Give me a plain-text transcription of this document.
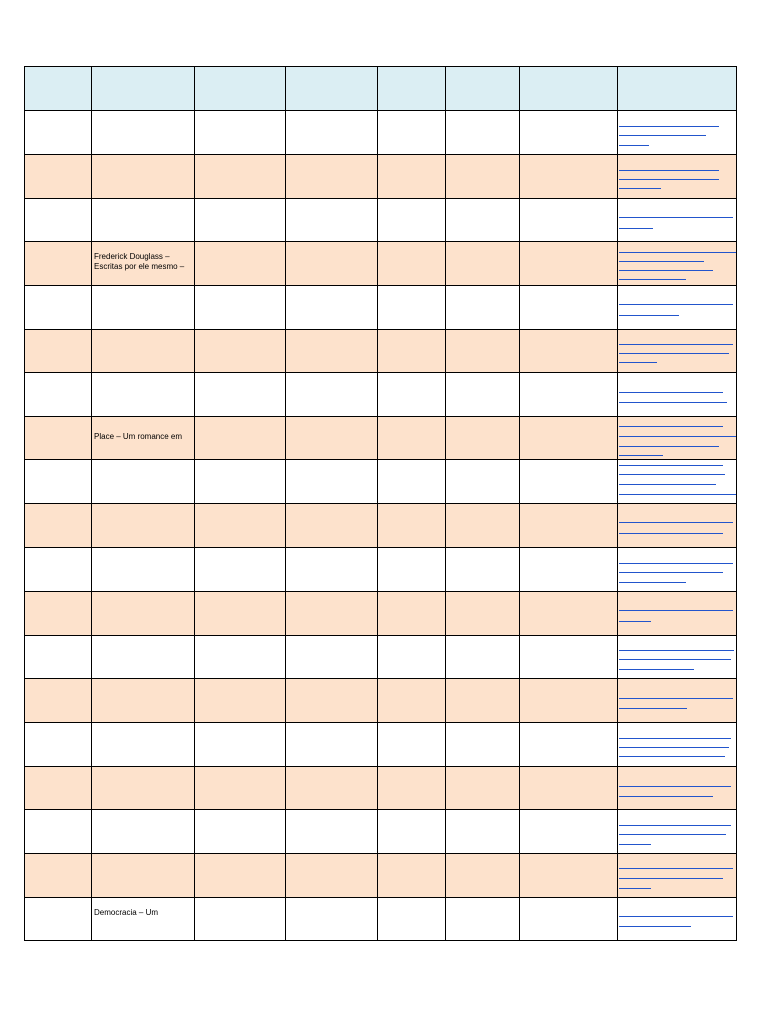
Frederick Douglass –
Escritas por ele mesmo –
Place – Um romance em
Democracia – Um
